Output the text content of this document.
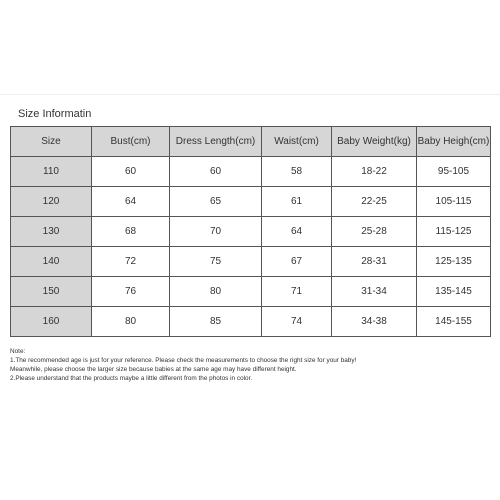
Size Informatin
Size	Bust(cm)	Dress Length(cm)	Waist(cm)	Baby Weight(kg)	Baby Heigh(cm)
110	60	60	58	18-22	95-105
120	64	65	61	22-25	105-115
130	68	70	64	25-28	115-125
140	72	75	67	28-31	125-135
150	76	80	71	31-34	135-145
160	80	85	74	34-38	145-155
Note:
1.The recommended age is just for your reference. Please check the measurements to choose the right size for your baby!
Meanwhile, please choose the larger size because babies at the same age may have different height.
2.Please understand that the products maybe a little different from the photos in color.
